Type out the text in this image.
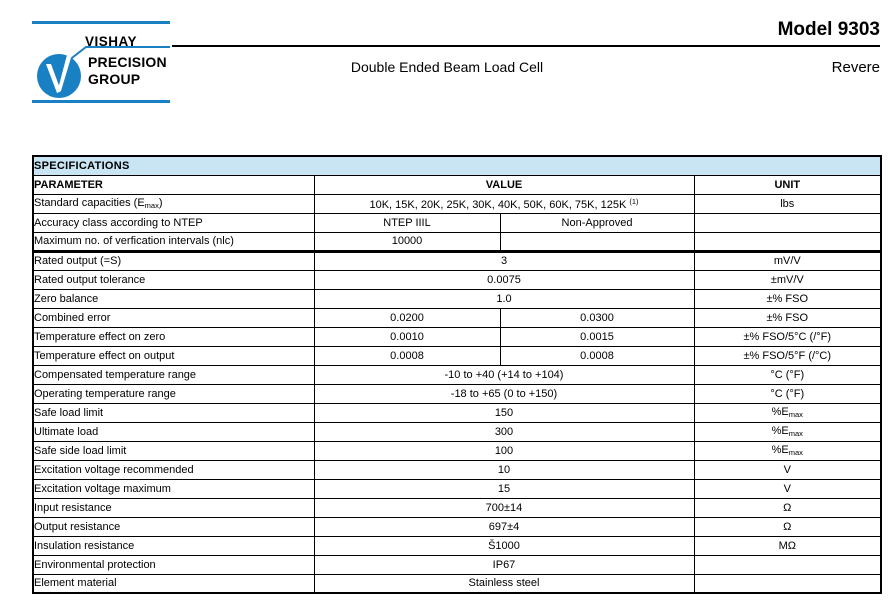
VISHAY
PRECISION
GROUP
Model 9303
Double Ended Beam Load Cell	Revere
SPECIFICATIONS			
PARAMETER	VALUE		UNIT
Standard capacities $(E_{max})$	10K, 15K, 20K, 25K, 30K, 40K, 50K, 60K, 75K, 125K $^{(1)}$		lbs
Accuracy class according to NTEP	NTEP IIIL	Non-Approved	
Maximum no. of verfication intervals (nlc)	10000		
Rated output (=S)	3		mV/V
Rated output tolerance	0.0075		±mV/V
Zero balance	1.0		±% FSO
Combined error	0.0200	0.0300	±% FSO
Temperature effect on zero	0.0010	0.0015	±% FSO/5°C (/°F)
Temperature effect on output	0.0008	0.0008	±% FSO/5°F (/°C)
Compensated temperature range	-10 to +40 (+14 to +104)		°C (°F)
Operating temperature range	-18 to +65 (0 to +150)		°C (°F)
Safe load limit	150		$\%E_{max}$
Ultimate load	300		$\%E_{max}$
Safe side load limit	100		$\%E_{max}$
Excitation voltage recommended	10		V
Excitation voltage maximum	15		V
Input resistance	700±14		Ω
Output resistance	697±4		Ω
Insulation resistance	Š1000		MΩ
Environmental protection	IP67		
Element material	Stainless steel		
